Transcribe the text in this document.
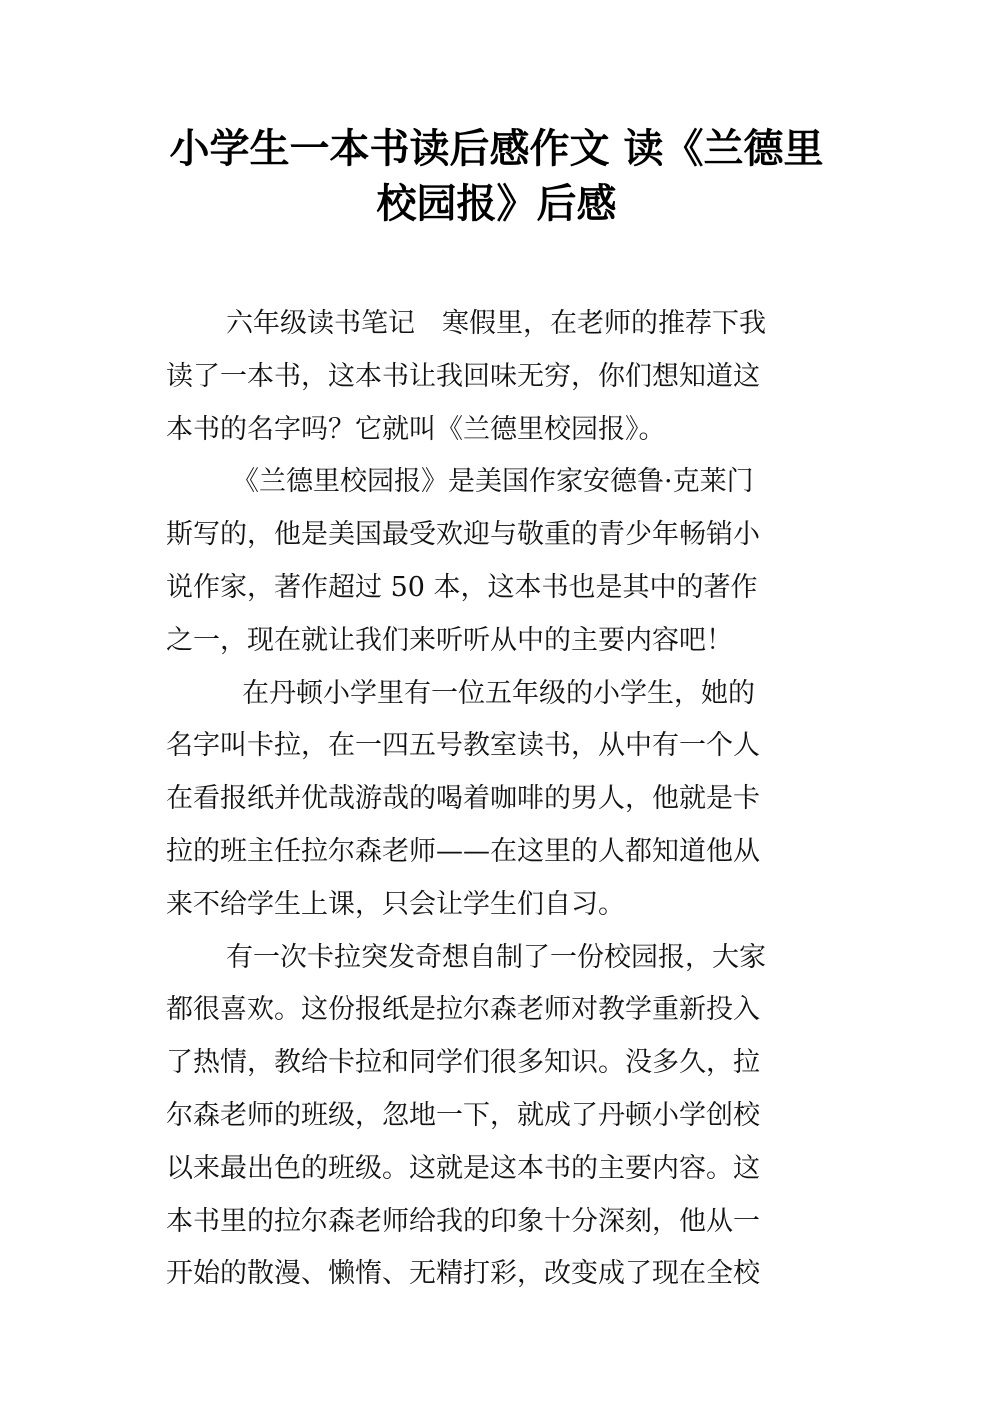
小学生一本书读后感作文 读《兰德里
校园报》后感
六年级读书笔记　寒假里，在老师的推荐下我
读了一本书，这本书让我回味无穷，你们想知道这
本书的名字吗？它就叫《兰德里校园报》。
《兰德里校园报》是美国作家安德鲁·克莱门
斯写的，他是美国最受欢迎与敬重的青少年畅销小
说作家，著作超过 50 本，这本书也是其中的著作
之一，现在就让我们来听听从中的主要内容吧！
在丹顿小学里有一位五年级的小学生，她的
名字叫卡拉，在一四五号教室读书，从中有一个人
在看报纸并优哉游哉的喝着咖啡的男人，他就是卡
拉的班主任拉尔森老师——在这里的人都知道他从
来不给学生上课，只会让学生们自习。
有一次卡拉突发奇想自制了一份校园报，大家
都很喜欢。这份报纸是拉尔森老师对教学重新投入
了热情，教给卡拉和同学们很多知识。没多久，拉
尔森老师的班级，忽地一下，就成了丹顿小学创校
以来最出色的班级。这就是这本书的主要内容。这
本书里的拉尔森老师给我的印象十分深刻，他从一
开始的散漫、懒惰、无精打彩，改变成了现在全校
